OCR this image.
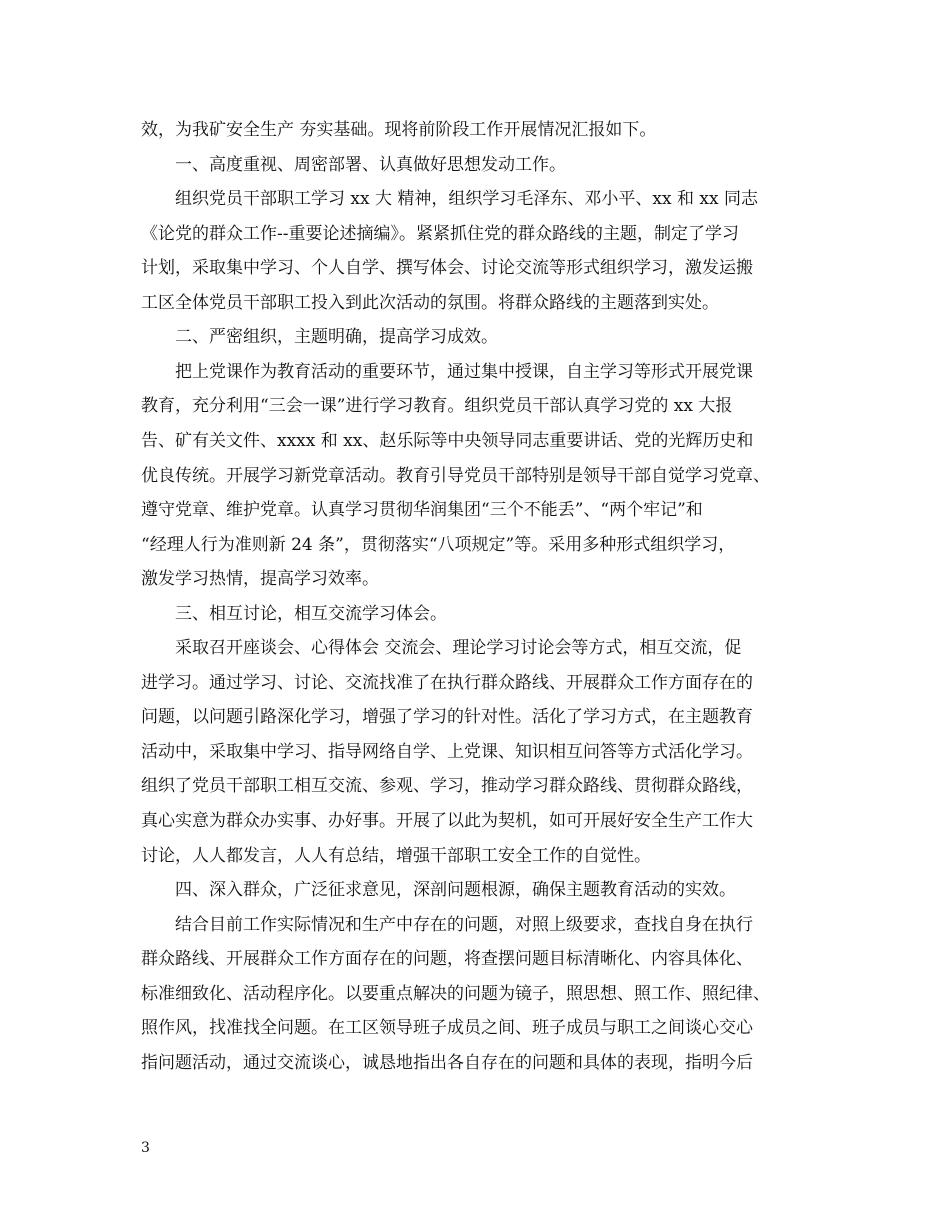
效，为我矿安全生产 夯实基础。现将前阶段工作开展情况汇报如下。
一、高度重视、周密部署、认真做好思想发动工作。
组织党员干部职工学习 xx 大 精神，组织学习毛泽东、邓小平、xx 和 xx 同志
《论党的群众工作--重要论述摘编》。紧紧抓住党的群众路线的主题，制定了学习
计划，采取集中学习、个人自学、撰写体会、讨论交流等形式组织学习，激发运搬
工区全体党员干部职工投入到此次活动的氛围。将群众路线的主题落到实处。
二、严密组织，主题明确，提高学习成效。
把上党课作为教育活动的重要环节，通过集中授课，自主学习等形式开展党课
教育，充分利用“三会一课”进行学习教育。组织党员干部认真学习党的 xx 大报
告、矿有关文件、xxxx 和 xx、赵乐际等中央领导同志重要讲话、党的光辉历史和
优良传统。开展学习新党章活动。教育引导党员干部特别是领导干部自觉学习党章、
遵守党章、维护党章。认真学习贯彻华润集团“三个不能丢”、“两个牢记”和
“经理人行为准则新 24 条”，贯彻落实“八项规定”等。采用多种形式组织学习，
激发学习热情，提高学习效率。
三、相互讨论，相互交流学习体会。
采取召开座谈会、心得体会 交流会、理论学习讨论会等方式，相互交流，促
进学习。通过学习、讨论、交流找准了在执行群众路线、开展群众工作方面存在的
问题，以问题引路深化学习，增强了学习的针对性。活化了学习方式，在主题教育
活动中，采取集中学习、指导网络自学、上党课、知识相互问答等方式活化学习。
组织了党员干部职工相互交流、参观、学习，推动学习群众路线、贯彻群众路线，
真心实意为群众办实事、办好事。开展了以此为契机，如可开展好安全生产工作大
讨论，人人都发言，人人有总结，增强干部职工安全工作的自觉性。
四、深入群众，广泛征求意见，深剖问题根源，确保主题教育活动的实效。
结合目前工作实际情况和生产中存在的问题，对照上级要求，查找自身在执行
群众路线、开展群众工作方面存在的问题，将查摆问题目标清晰化、内容具体化、
标准细致化、活动程序化。以要重点解决的问题为镜子，照思想、照工作、照纪律、
照作风，找准找全问题。在工区领导班子成员之间、班子成员与职工之间谈心交心
指问题活动，通过交流谈心，诚恳地指出各自存在的问题和具体的表现，指明今后
3
